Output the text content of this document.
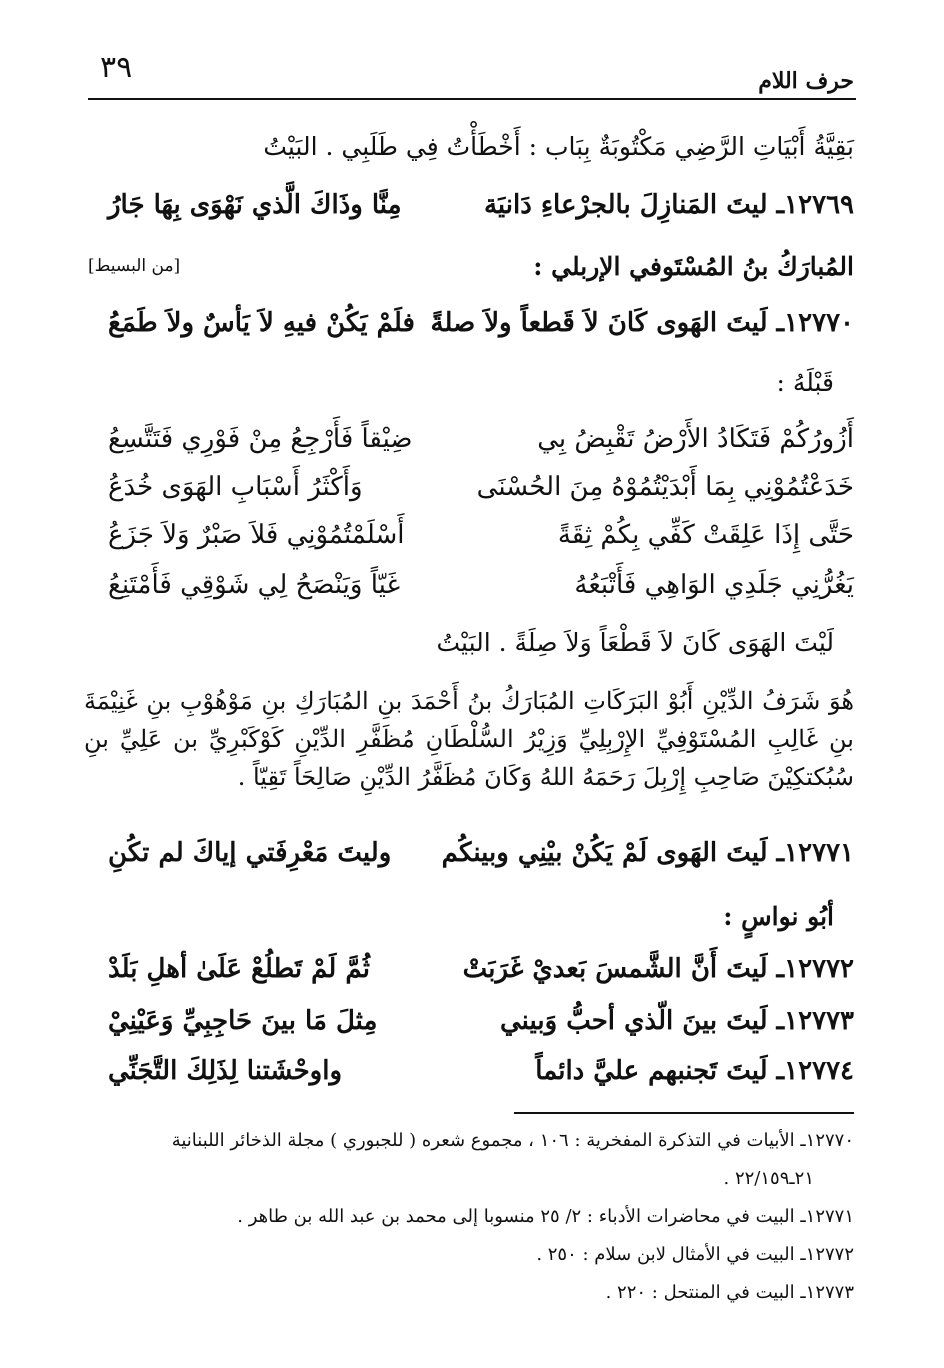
٣٩	حرف اللام
بَقِيَّةُ أَبْيَاتِ الرَّضِي مَكْتُوبَةٌ بِبَاب : أَخْطَأْتُ فِي طَلَبِي . البَيْتُ
١٢٧٦٩ـ ليتَ المَنازِلَ بالجرْعاءِ دَانيَة
مِنَّا وذَاكَ الَّذي نَهْوَى بِهَا جَارُ
المُبارَكُ بنُ المُسْتَوفي الإربلي :
[من البسيط]
١٢٧٧٠ـ لَيتَ الهَوى كَانَ لاَ قَطعاً ولاَ صلةً
فلَمْ يَكُنْ فيهِ لاَ يَأسٌ ولاَ طَمَعُ
قَبْلَهُ :
أَزُورُكُمْ فَتَكَادُ الأَرْضُ تَقْبِضُ بِي
ضِيْقاً فَأَرْجِعُ مِنْ فَوْرِي فَتَتَّسِعُ
خَدَعْتُمُوْنِي بِمَا أَبْدَيْتُمُوْهُ مِنَ الحُسْنَى
وَأَكْثَرُ أَسْبَابِ الهَوَى خُدَعُ
حَتَّى إِذَا عَلِقَتْ كَفِّي بِكُمْ ثِقَةً
أَسْلَمْتُمُوْنِي فَلاَ صَبْرٌ وَلاَ جَزَعُ
يَغُرُّنِي جَلَدِي الوَاهِي فَأَتْبَعُهُ
غَيّاً وَيَنْصَحُ لِي شَوْقِي فَأَمْتَنِعُ
لَيْتَ الهَوَى كَانَ لاَ قَطْعَاً وَلاَ صِلَةً . البَيْتُ
هُوَ شَرَفُ الدِّيْنِ أَبُوْ البَرَكَاتِ المُبَارَكُ بنُ أَحْمَدَ بنِ المُبَارَكِ بنِ مَوْهُوْبِ بنِ غَنِيْمَةَ بنِ غَالِبِ المُسْتَوْفِيِّ الإِرْبِلِيِّ وَزِيْرُ السُّلْطَانِ مُظَفَّرِ الدِّيْنِ كَوْكَبْرِيِّ بن عَلِيِّ بنِ سُبُكتكِيْنَ صَاحِبِ إِرْبِلَ رَحَمَهُ اللهُ وَكَانَ مُظَفَّرُ الدِّيْنِ صَالِحَاً تَقِيّاً .
١٢٧٧١ـ لَيتَ الهَوى لَمْ يَكُنْ بيْنِي وبينكُم
وليتَ مَعْرِفَتي إياكَ لم تكُنِ
أبُو نواسٍ :
١٢٧٧٢ـ لَيتَ أَنَّ الشَّمسَ بَعديْ غَرَبَتْ
ثُمَّ لَمْ تَطلُعْ عَلَىٰ أهلِ بَلَدْ
١٢٧٧٣ـ لَيتَ بينَ الّذي أحبُّ وَبيني
مِثلَ مَا بينَ حَاجِبِيِّ وَعَيْنِيْ
١٢٧٧٤ـ لَيتَ تَجنبهم عليَّ دائماً
واوحْشَتنا لِذَلِكَ التَّجَنِّي
١٢٧٧٠ـ الأبيات في التذكرة المفخرية : ١٠٦ ، مجموع شعره ( للجبوري ) مجلة الذخائر اللبنانية
٢١ـ٢٢/١٥٩ .
١٢٧٧١ـ البيت في محاضرات الأدباء : ٢/ ٢٥ منسوبا إلى محمد بن عبد الله بن طاهر .
١٢٧٧٢ـ البيت في الأمثال لابن سلام : ٢٥٠ .
١٢٧٧٣ـ البيت في المنتحل : ٢٢٠ .
